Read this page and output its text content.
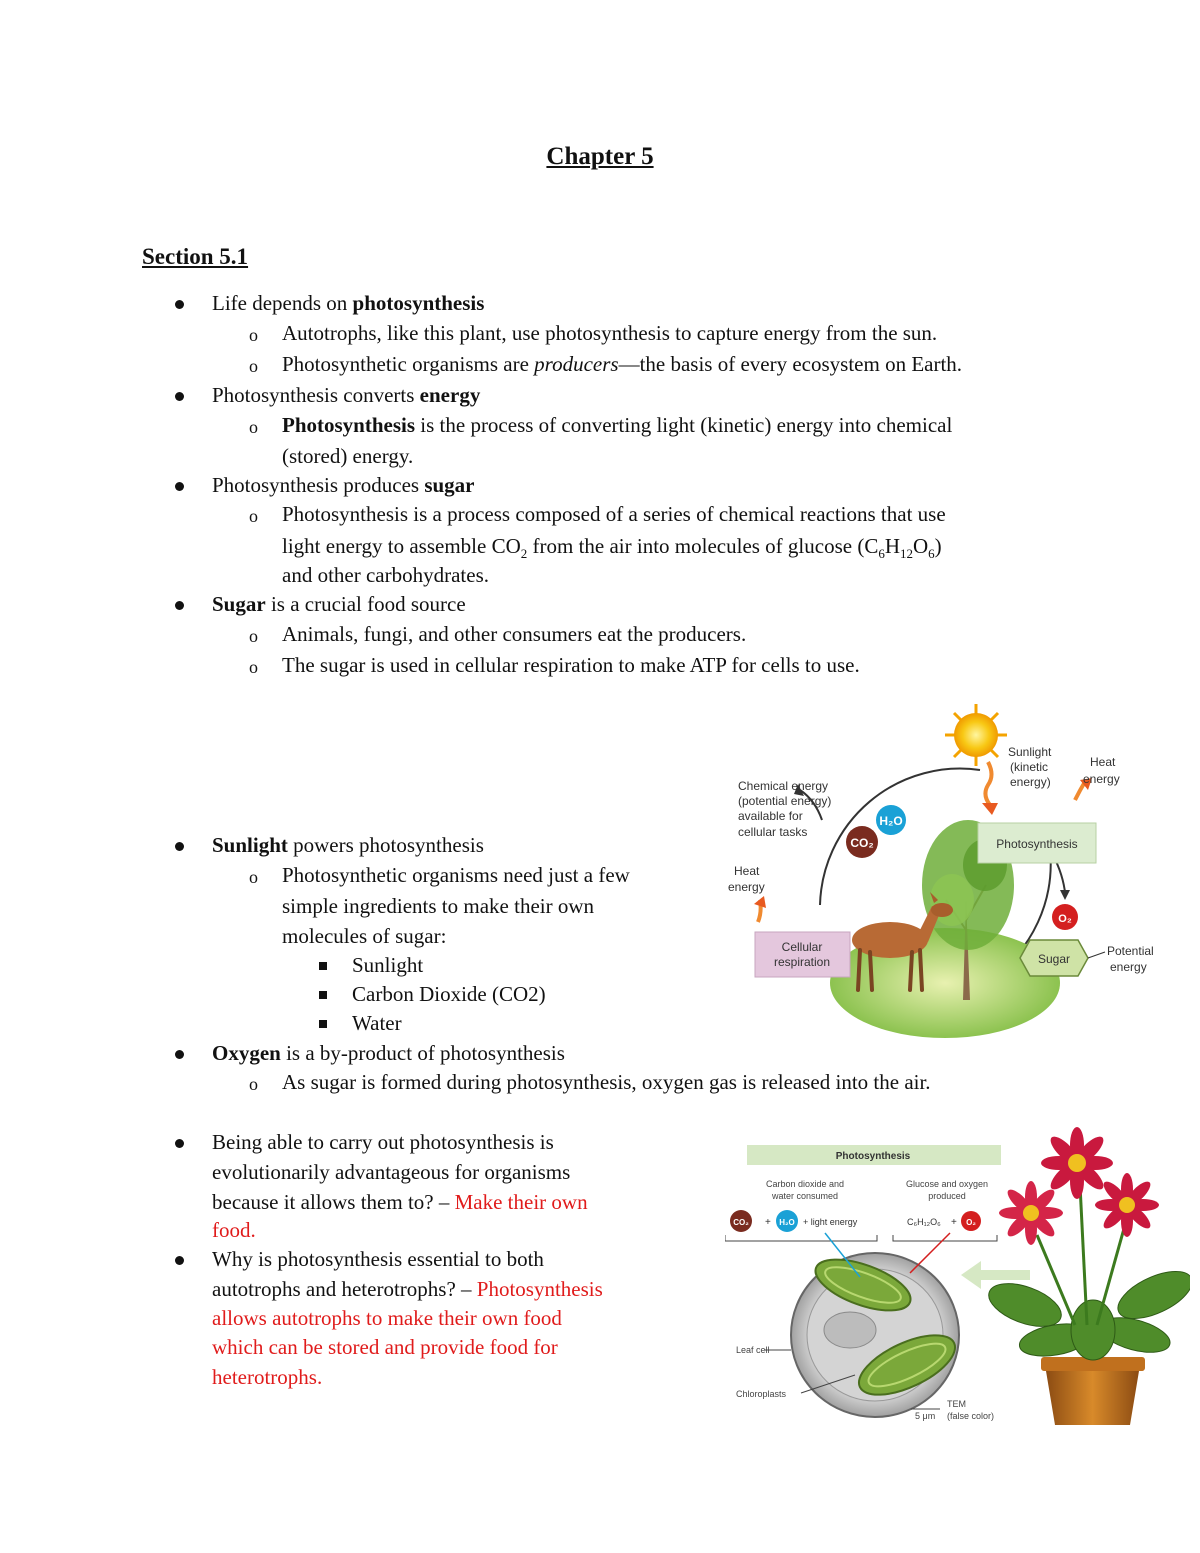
Chapter 5
Section 5.1
Life depends on photosynthesis
o Autotrophs, like this plant, use photosynthesis to capture energy from the sun.
o Photosynthetic organisms are producers—the basis of every ecosystem on Earth.
Photosynthesis converts energy
o Photosynthesis is the process of converting light (kinetic) energy into chemical
(stored) energy.
Photosynthesis produces sugar
o Photosynthesis is a process composed of a series of chemical reactions that use
light energy to assemble $CO_2$ from the air into molecules of glucose $(C_6H_{12}O_6)$
and other carbohydrates.
Sugar is a crucial food source
o Animals, fungi, and other consumers eat the producers.
o The sugar is used in cellular respiration to make ATP for cells to use.
Sunlight powers photosynthesis
o Photosynthetic organisms need just a few
simple ingredients to make their own
molecules of sugar:
Sunlight
Carbon Dioxide (CO2)
Water
Oxygen is a by-product of photosynthesis
o As sugar is formed during photosynthesis, oxygen gas is released into the air.
Being able to carry out photosynthesis is
evolutionarily advantageous for organisms
because it allows them to? – Make their own
food.
Why is photosynthesis essential to both
autotrophs and heterotrophs? – Photosynthesis
allows autotrophs to make their own food
which can be stored and provide food for
heterotrophs.
H₂O
CO₂
O₂
Photosynthesis
Cellular
respiration	Sugar
Sunlight
(kinetic
energy)
Heat
energy
Chemical energy
(potential energy)
available for
cellular tasks
Heat
energy
Potential
energy
Photosynthesis
Carbon dioxide and
water consumed
Glucose and oxygen
produced
CO₂ + H₂O + light energy	C₆H₁₂O₆ + O₂
Leaf cell
Chloroplasts
TEM
(false color)
5 μm
